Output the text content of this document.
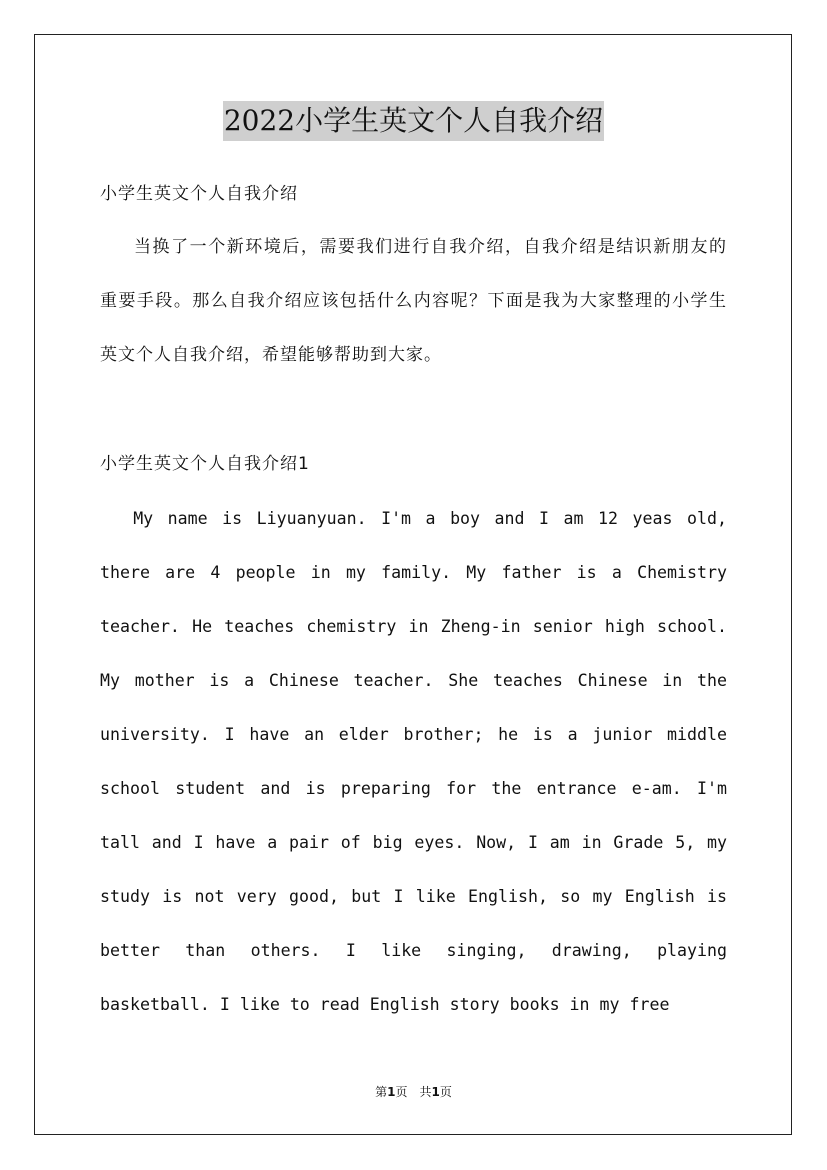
2022小学生英文个人自我介绍
小学生英文个人自我介绍
当换了一个新环境后，需要我们进行自我介绍，自我介绍是结识新朋友的重要手段。那么自我介绍应该包括什么内容呢？下面是我为大家整理的小学生英文个人自我介绍，希望能够帮助到大家。
小学生英文个人自我介绍1
My name is Liyuanyuan. I'm a boy and I am 12 yeas old, there are 4 people in my family. My father is a Chemistry teacher. He teaches chemistry in Zheng-in senior high school. My mother is a Chinese teacher. She teaches Chinese in the university. I have an elder brother; he is a junior middle school student and is preparing for the entrance e-am. I'm tall and I have a pair of big eyes. Now, I am in Grade 5, my study is not very good, but I like English, so my English is better than others. I like singing, drawing, playing basketball. I like to read English story books in my free
第1页 共1页
